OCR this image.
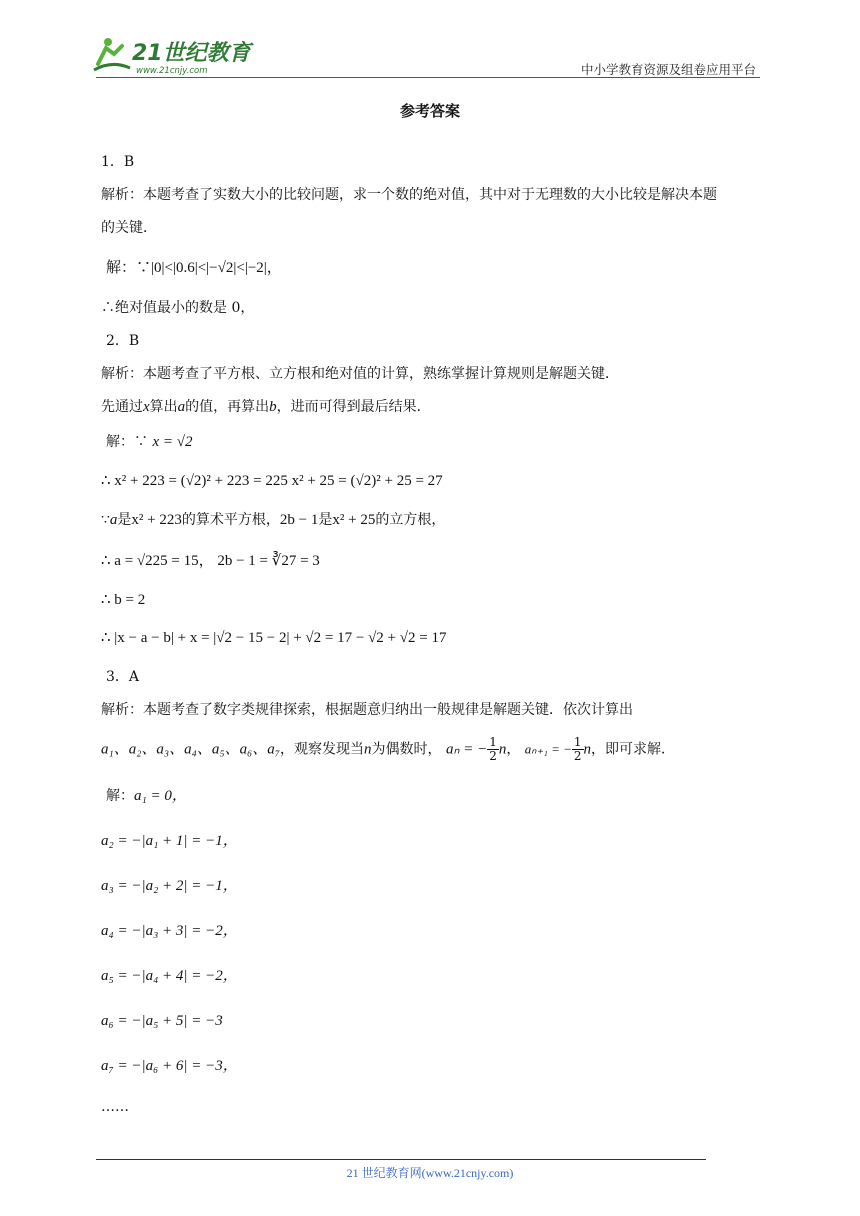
21世纪教育
www.21cnjy.com	中小学教育资源及组卷应用平台
参考答案
1．B
解析：本题考查了实数大小的比较问题，求一个数的绝对值，其中对于无理数的大小比较是解决本题
的关键．
解：∵|0|<|0.6|<|−√2|<|−2|，
∴绝对值最小的数是 0，
2．B
解析：本题考查了平方根、立方根和绝对值的计算，熟练掌握计算规则是解题关键．
先通过x算出a的值，再算出b，进而可得到最后结果．
解：∵ x = √2
∴ x² + 223 = (√2)² + 223 = 225 x² + 25 = (√2)² + 25 = 27
∵a是x² + 223的算术平方根，2b − 1是x² + 25的立方根，
∴ a = √225 = 15， 2b − 1 = ∛27 = 3
∴ b = 2
∴ |x − a − b| + x = |√2 − 15 − 2| + √2 = 17 − √2 + √2 = 17
3．A
解析：本题考查了数字类规律探索，根据题意归纳出一般规律是解题关键．依次计算出
a₁、a₂、a₃、a₄、a₅、a₆、a₇，观察发现当n为偶数时， aₙ = − $\frac{1}{2}$ n， aₙ₊₁ = − $\frac{1}{2}$ n，即可求解．
解：a₁ = 0，
a₂ = −|a₁ + 1| = −1，
a₃ = −|a₂ + 2| = −1，
a₄ = −|a₃ + 3| = −2，
a₅ = −|a₄ + 4| = −2，
a₆ = −|a₅ + 5| = −3
a₇ = −|a₆ + 6| = −3，
……
21 世纪教育网(www.21cnjy.com)
